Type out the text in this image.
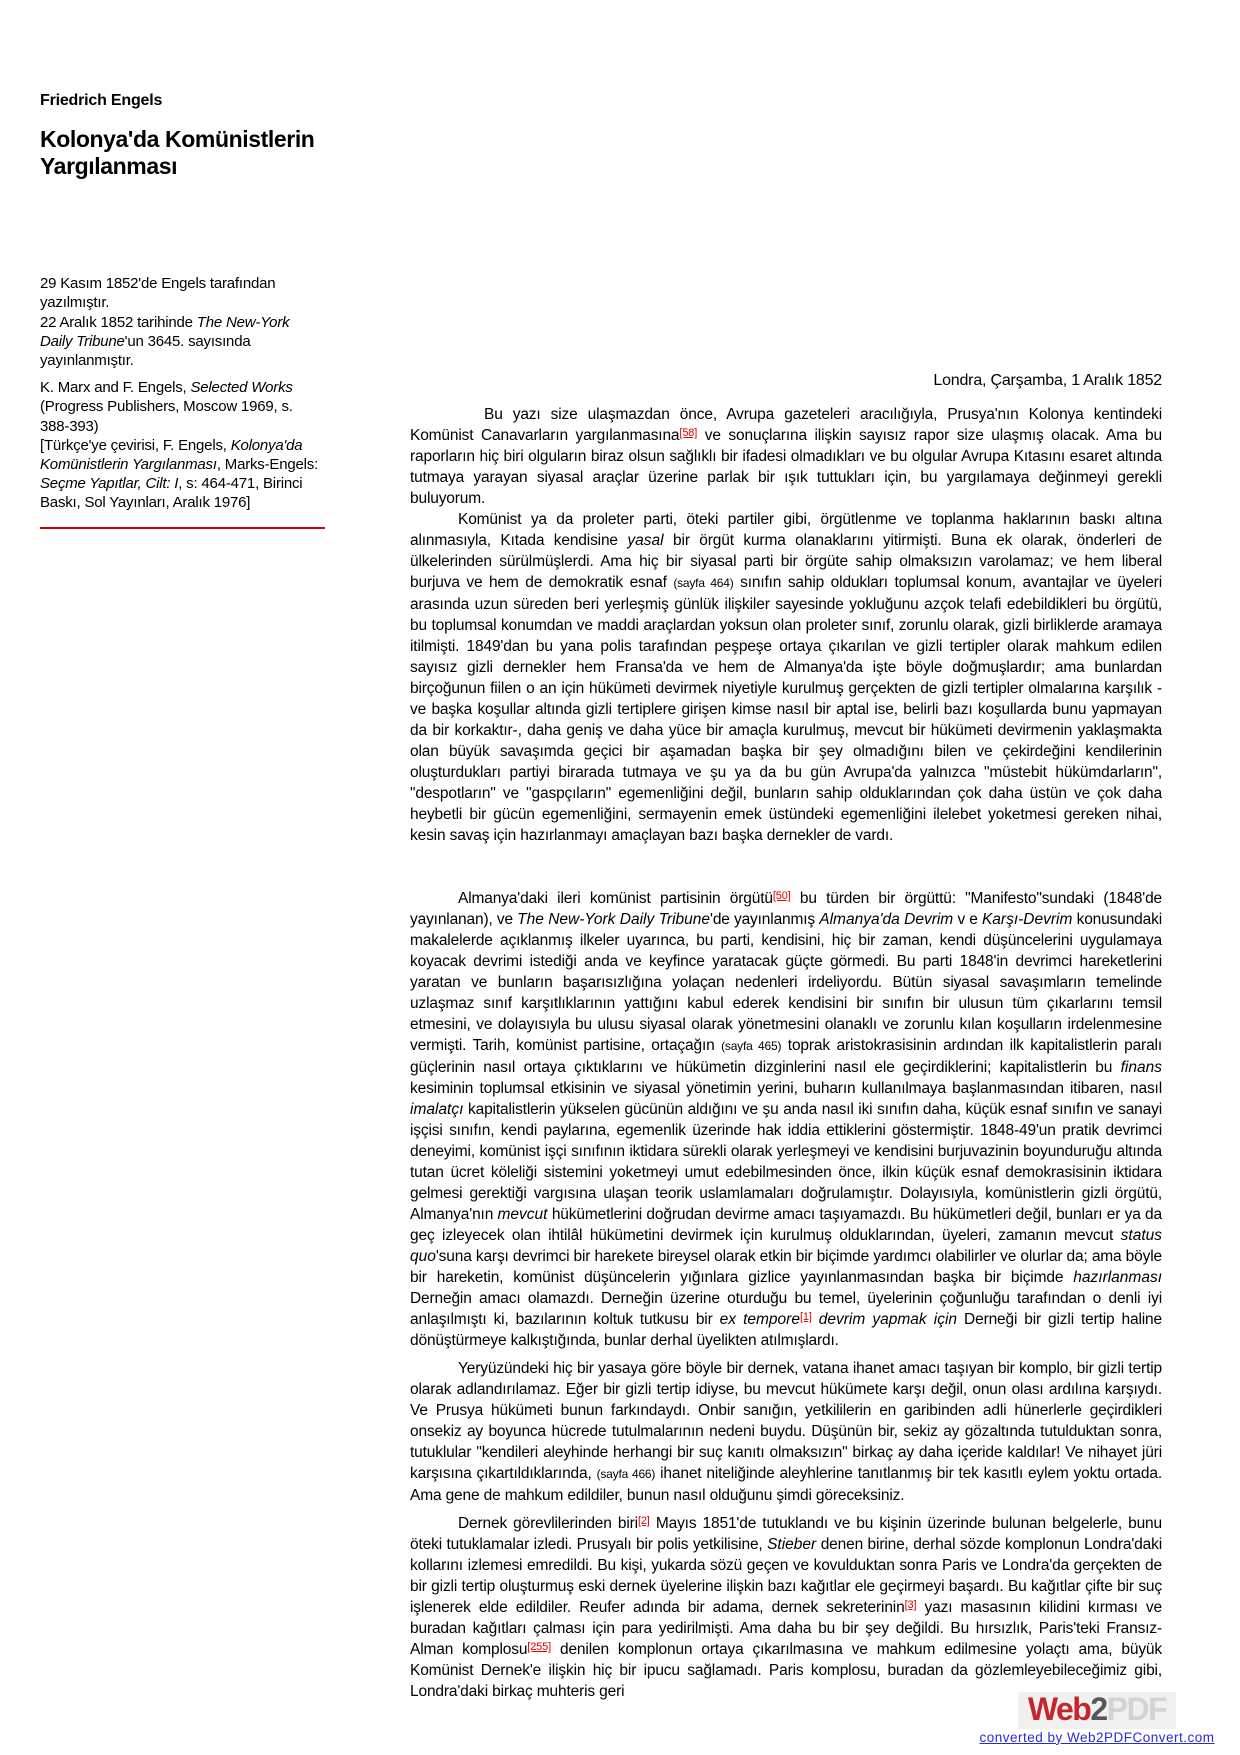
Friedrich Engels

Kolonya'da Komünistlerin Yargılanması

29 Kasım 1852'de Engels tarafından yazılmıştır.
22 Aralık 1852 tarihinde The New-York Daily Tribune'un 3645. sayısında yayınlanmıştır.

K. Marx and F. Engels, Selected Works (Progress Publishers, Moscow 1969, s. 388-393)
[Türkçe'ye çevirisi, F. Engels, Kolonya'da Komünistlerin Yargılanması, Marks-Engels: Seçme Yapıtlar, Cilt: I, s: 464-471, Birinci Baskı, Sol Yayınları, Aralık 1976]

Londra, Çarşamba, 1 Aralık 1852

Bu yazı size ulaşmazdan önce, Avrupa gazeteleri aracılığıyla, Prusya'nın Kolonya kentindeki Komünist Canavarların yargılanmasına[58] ve sonuçlarına ilişkin sayısız rapor size ulaşmış olacak. Ama bu raporların hiç biri olguların biraz olsun sağlıklı bir ifadesi olmadıkları ve bu olgular Avrupa Kıtasını esaret altında tutmaya yarayan siyasal araçlar üzerine parlak bir ışık tuttukları için, bu yargılamaya değinmeyi gerekli buluyorum.

Komünist ya da proleter parti, öteki partiler gibi, örgütlenme ve toplanma haklarının baskı altına alınmasıyla, Kıtada kendisine yasal bir örgüt kurma olanaklarını yitirmişti. Buna ek olarak, önderleri de ülkelerinden sürülmüşlerdi. Ama hiç bir siyasal parti bir örgüte sahip olmaksızın varolamaz; ve hem liberal burjuva ve hem de demokratik esnaf (sayfa 464) sınıfın sahip oldukları toplumsal konum, avantajlar ve üyeleri arasında uzun süreden beri yerleşmiş günlük ilişkiler sayesinde yokluğunu azçok telafi edebildikleri bu örgütü, bu toplumsal konumdan ve maddi araçlardan yoksun olan proleter sınıf, zorunlu olarak, gizli birliklerde aramaya itilmişti. 1849'dan bu yana polis tarafından peşpeşe ortaya çıkarılan ve gizli tertipler olarak mahkum edilen sayısız gizli dernekler hem Fransa'da ve hem de Almanya'da işte böyle doğmuşlardır; ama bunlardan birçoğunun fiilen o an için hükümeti devirmek niyetiyle kurulmuş gerçekten de gizli tertipler olmalarına karşılık -ve başka koşullar altında gizli tertiplere girişen kimse nasıl bir aptal ise, belirli bazı koşullarda bunu yapmayan da bir korkaktır-, daha geniş ve daha yüce bir amaçla kurulmuş, mevcut bir hükümeti devirmenin yaklaşmakta olan büyük savaşımda geçici bir aşamadan başka bir şey olmadığını bilen ve çekirdeğini kendilerinin oluşturdukları partiyi birarada tutmaya ve şu ya da bu gün Avrupa'da yalnızca "müstebit hükümdarların", "despotların" ve "gaspçıların" egemenliğini değil, bunların sahip olduklarından çok daha üstün ve çok daha heybetli bir gücün egemenliğini, sermayenin emek üstündeki egemenliğini ilelebet yoketmesi gereken nihai, kesin savaş için hazırlanmayı amaçlayan bazı başka dernekler de vardı.

Almanya'daki ileri komünist partisinin örgütü[50] bu türden bir örgüttü: "Manifesto"sundaki (1848'de yayınlanan), ve The New-York Daily Tribune'de yayınlanmış Almanya'da Devrim v e Karşı-Devrim konusundaki makalelerde açıklanmış ilkeler uyarınca, bu parti, kendisini, hiç bir zaman, kendi düşüncelerini uygulamaya koyacak devrimi istediği anda ve keyfince yaratacak güçte görmedi. Bu parti 1848'in devrimci hareketlerini yaratan ve bunların başarısızlığına yolaçan nedenleri irdeliyordu. Bütün siyasal savaşımların temelinde uzlaşmaz sınıf karşıtlıklarının yattığını kabul ederek kendisini bir sınıfın bir ulusun tüm çıkarlarını temsil etmesini, ve dolayısıyla bu ulusu siyasal olarak yönetmesini olanaklı ve zorunlu kılan koşulların irdelenmesine vermişti. Tarih, komünist partisine, ortaçağın (sayfa 465) toprak aristokrasisinin ardından ilk kapitalistlerin paralı güçlerinin nasıl ortaya çıktıklarını ve hükümetin dizginlerini nasıl ele geçirdiklerini; kapitalistlerin bu finans kesiminin toplumsal etkisinin ve siyasal yönetimin yerini, buharın kullanılmaya başlanmasından itibaren, nasıl imalatçı kapitalistlerin yükselen gücünün aldığını ve şu anda nasıl iki sınıfın daha, küçük esnaf sınıfın ve sanayi işçisi sınıfın, kendi paylarına, egemenlik üzerinde hak iddia ettiklerini göstermiştir. 1848-49'un pratik devrimci deneyimi, komünist işçi sınıfının iktidara sürekli olarak yerleşmeyi ve kendisini burjuvazinin boyunduruğu altında tutan ücret köleliği sistemini yoketmeyi umut edebilmesinden önce, ilkin küçük esnaf demokrasisinin iktidara gelmesi gerektiği vargısına ulaşan teorik uslamlamaları doğrulamıştır. Dolayısıyla, komünistlerin gizli örgütü, Almanya'nın mevcut hükümetlerini doğrudan devirme amacı taşıyamazdı. Bu hükümetleri değil, bunları er ya da geç izleyecek olan ihtilâl hükümetini devirmek için kurulmuş olduklarından, üyeleri, zamanın mevcut status quo'suna karşı devrimci bir harekete bireysel olarak etkin bir biçimde yardımcı olabilirler ve olurlar da; ama böyle bir hareketin, komünist düşüncelerin yığınlara gizlice yayınlanmasından başka bir biçimde hazırlanması Derneğin amacı olamazdı. Derneğin üzerine oturduğu bu temel, üyelerinin çoğunluğu tarafından o denli iyi anlaşılmıştı ki, bazılarının koltuk tutkusu bir ex tempore[1] devrim yapmak için Derneği bir gizli tertip haline dönüştürmeye kalkıştığında, bunlar derhal üyelikten atılmışlardı.

Yeryüzündeki hiç bir yasaya göre böyle bir dernek, vatana ihanet amacı taşıyan bir komplo, bir gizli tertip olarak adlandırılamaz. Eğer bir gizli tertip idiyse, bu mevcut hükümete karşı değil, onun olası ardılına karşıydı. Ve Prusya hükümeti bunun farkındaydı. Onbir sanığın, yetkililerin en garibinden adli hünerlerle geçirdikleri onsekiz ay boyunca hücrede tutulmalarının nedeni buydu. Düşünün bir, sekiz ay gözaltında tutulduktan sonra, tutuklular "kendileri aleyhinde herhangi bir suç kanıtı olmaksızın" birkaç ay daha içeride kaldılar! Ve nihayet jüri karşısına çıkartıldıklarında, (sayfa 466) ihanet niteliğinde aleyhlerine tanıtlanmış bir tek kasıtlı eylem yoktu ortada. Ama gene de mahkum edildiler, bunun nasıl olduğunu şimdi göreceksiniz.

Dernek görevlilerinden biri[2] Mayıs 1851'de tutuklandı ve bu kişinin üzerinde bulunan belgelerle, bunu öteki tutuklamalar izledi. Prusyalı bir polis yetkilisine, Stieber denen birine, derhal sözde komplonun Londra'daki kollarını izlemesi emredildi. Bu kişi, yukarda sözü geçen ve kovulduktan sonra Paris ve Londra'da gerçekten de bir gizli tertip oluşturmuş eski dernek üyelerine ilişkin bazı kağıtlar ele geçirmeyi başardı. Bu kağıtlar çifte bir suç işlenerek elde edildiler. Reufer adında bir adama, dernek sekreterinin[3] yazı masasının kilidini kırması ve buradan kağıtları çalması için para yedirilmişti. Ama daha bu bir şey değildi. Bu hırsızlık, Paris'teki Fransız-Alman komplosu[255] denilen komplonun ortaya çıkarılmasına ve mahkum edilmesine yolaçtı ama, büyük Komünist Dernek'e ilişkin hiç bir ipucu sağlamadı. Paris komplosu, buradan da gözlemleyebileceğimiz gibi, Londra'daki birkaç muhteris geri	Web2PDF
converted by Web2PDFConvert.com
